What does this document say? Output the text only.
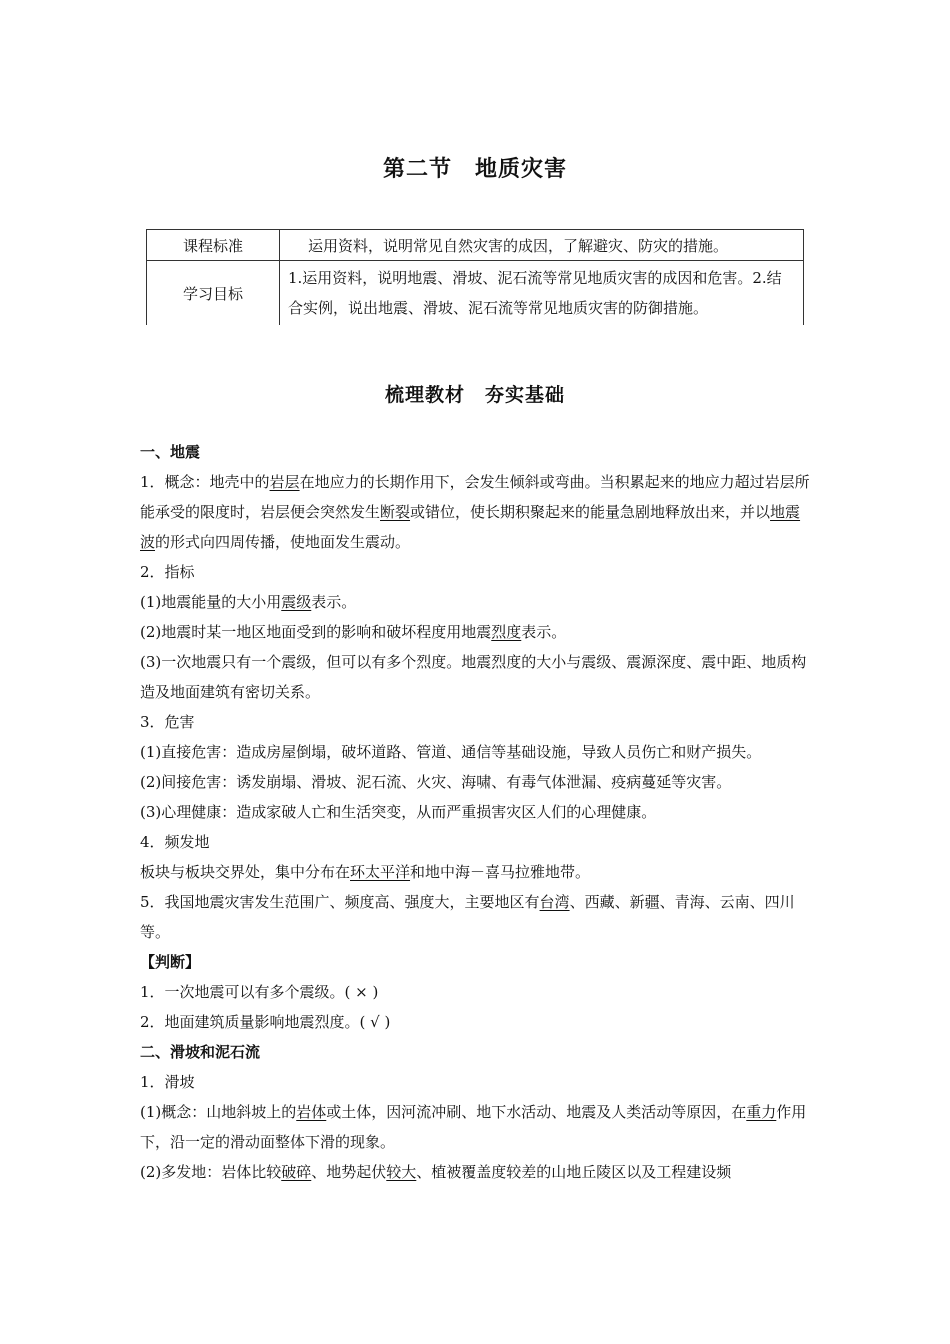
第二节　地质灾害
课程标准	运用资料，说明常见自然灾害的成因，了解避灾、防灾的措施。
学习目标	1.运用资料，说明地震、滑坡、泥石流等常见地质灾害的成因和危害。2.结合实例，说出地震、滑坡、泥石流等常见地质灾害的防御措施。
梳理教材　夯实基础

一、地震

1．概念：地壳中的岩层在地应力的长期作用下，会发生倾斜或弯曲。当积累起来的地应力超过岩层所能承受的限度时，岩层便会突然发生断裂或错位，使长期积聚起来的能量急剧地释放出来，并以地震波的形式向四周传播，使地面发生震动。

2．指标

(1)地震能量的大小用震级表示。

(2)地震时某一地区地面受到的影响和破坏程度用地震烈度表示。

(3)一次地震只有一个震级，但可以有多个烈度。地震烈度的大小与震级、震源深度、震中距、地质构造及地面建筑有密切关系。

3．危害

(1)直接危害：造成房屋倒塌，破坏道路、管道、通信等基础设施，导致人员伤亡和财产损失。

(2)间接危害：诱发崩塌、滑坡、泥石流、火灾、海啸、有毒气体泄漏、疫病蔓延等灾害。

(3)心理健康：造成家破人亡和生活突变，从而严重损害灾区人们的心理健康。

4．频发地

板块与板块交界处，集中分布在环太平洋和地中海－喜马拉雅地带。

5．我国地震灾害发生范围广、频度高、强度大，主要地区有台湾、西藏、新疆、青海、云南、四川等。

【判断】

1．一次地震可以有多个震级。( × )

2．地面建筑质量影响地震烈度。( √ )

二、滑坡和泥石流

1．滑坡

(1)概念：山地斜坡上的岩体或土体，因河流冲刷、地下水活动、地震及人类活动等原因，在重力作用下，沿一定的滑动面整体下滑的现象。

(2)多发地：岩体比较破碎、地势起伏较大、植被覆盖度较差的山地丘陵区以及工程建设频
